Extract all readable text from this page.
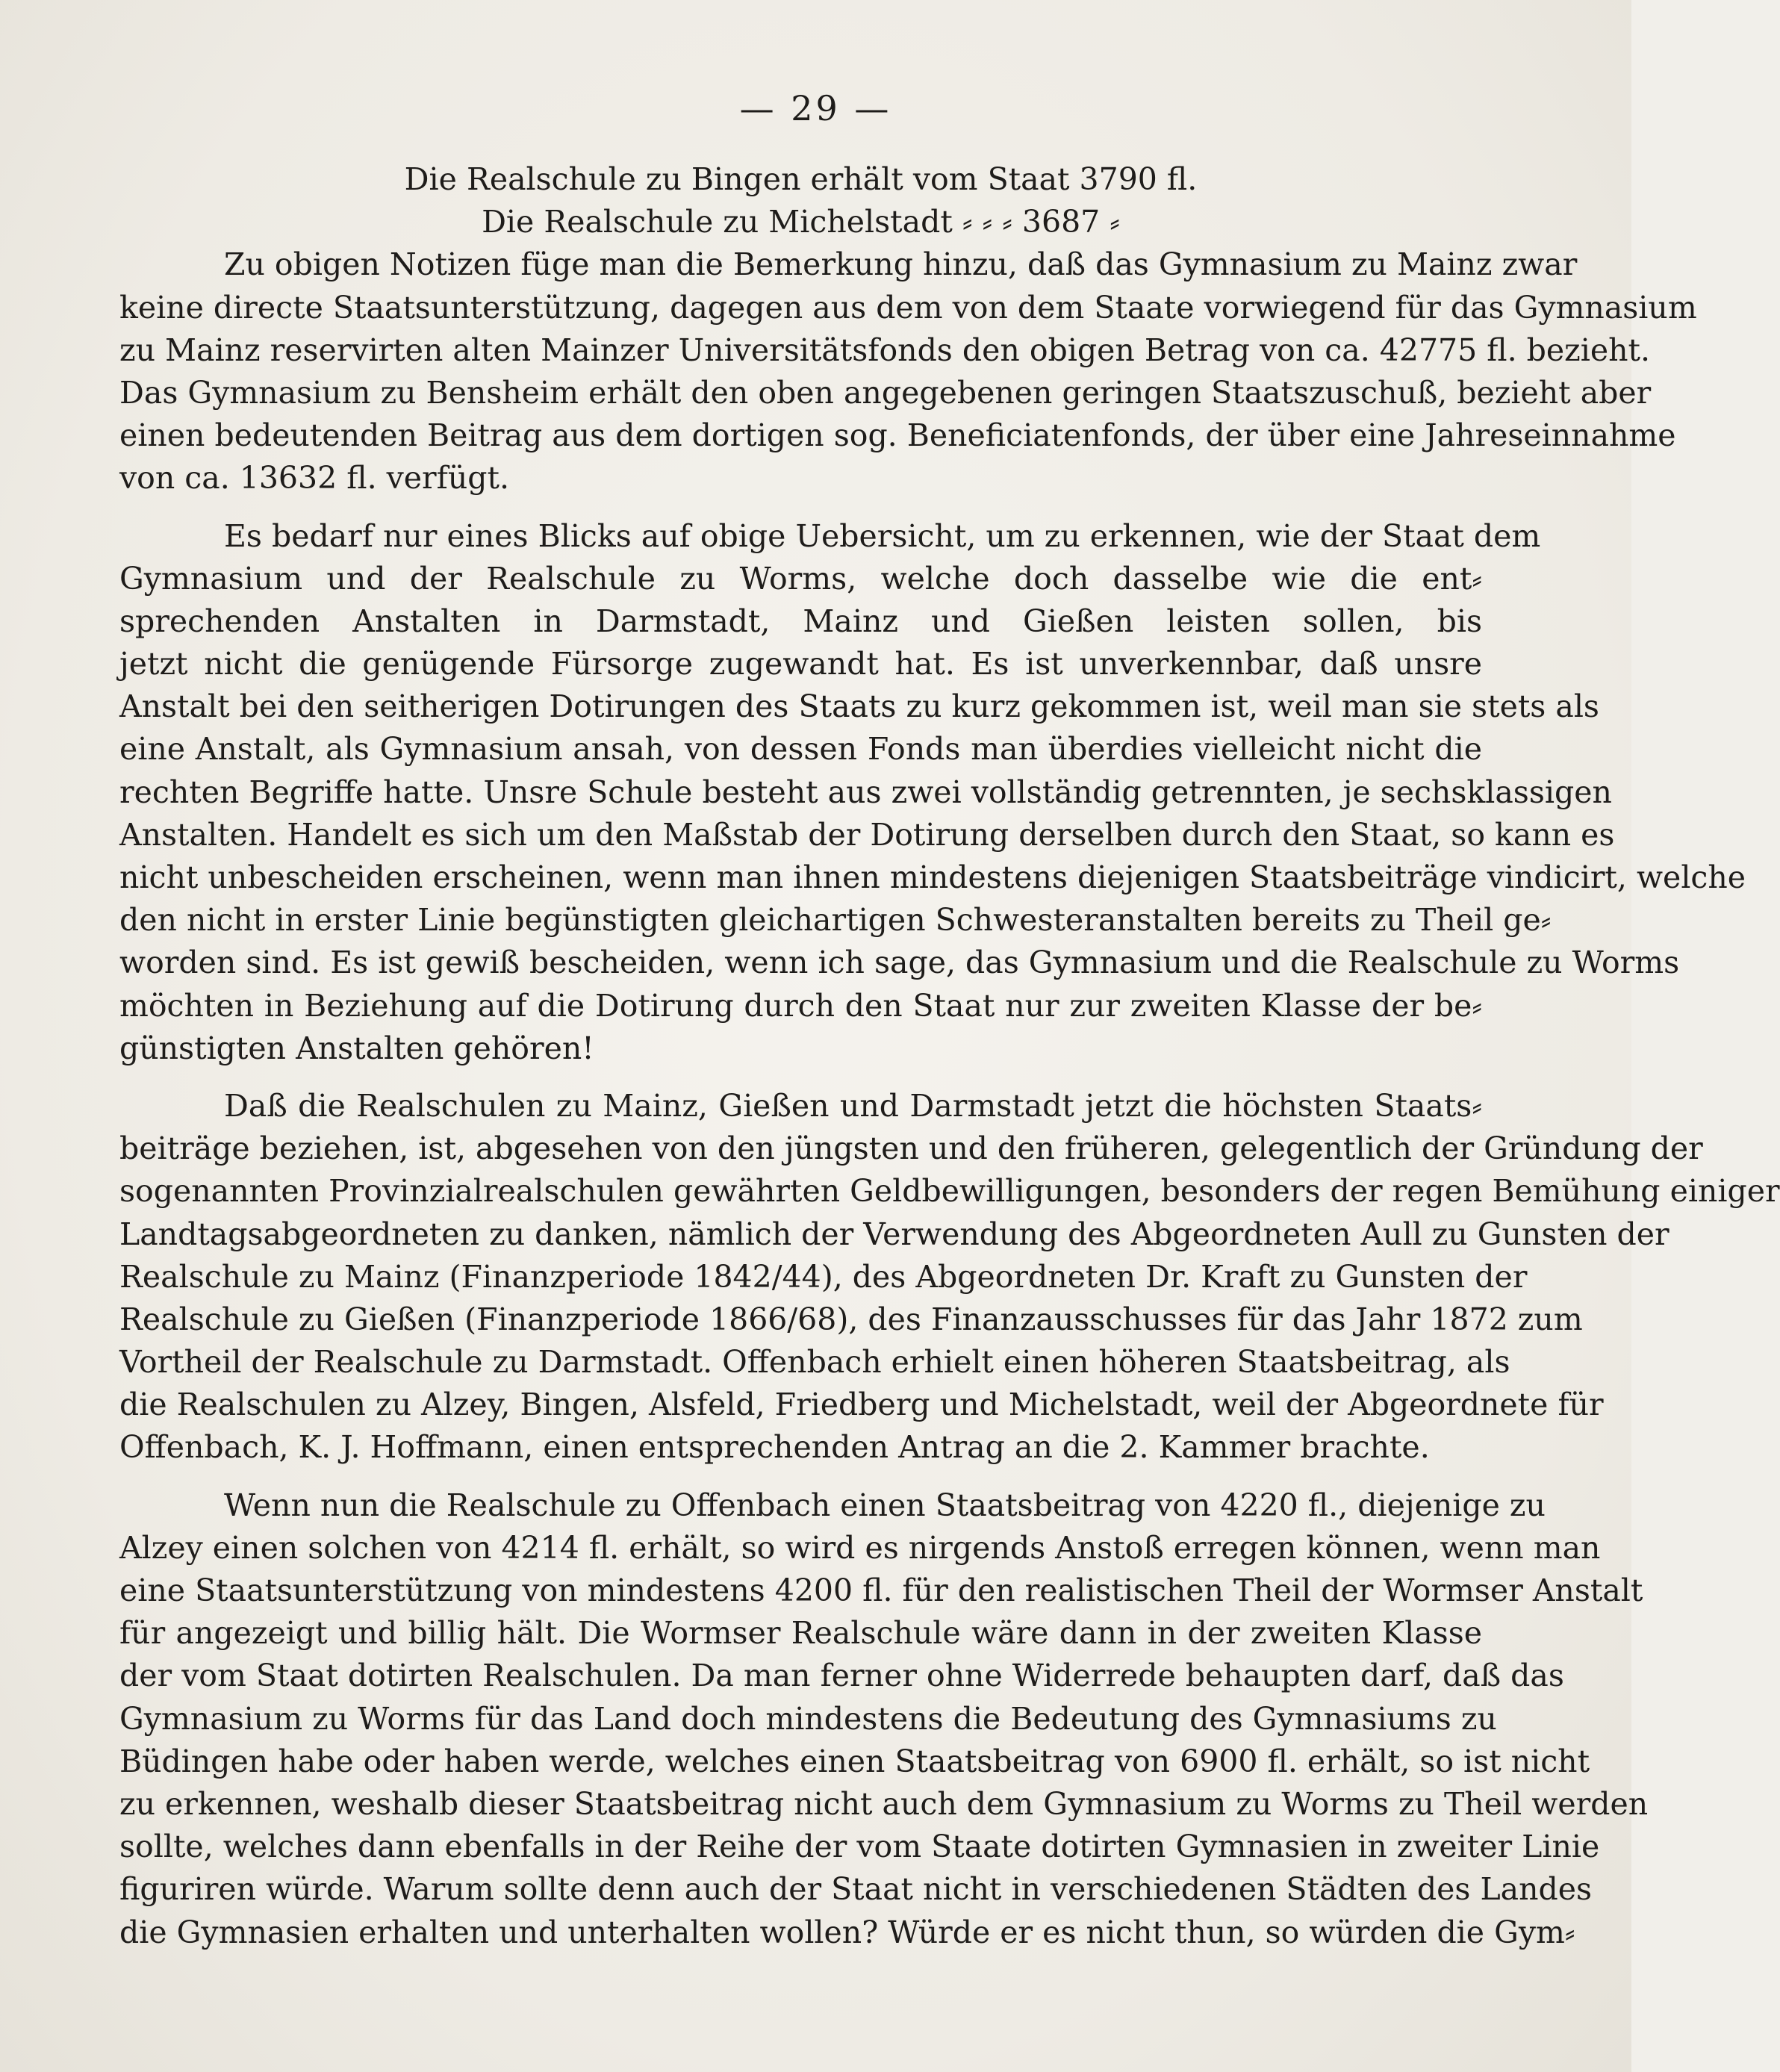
— 29 —
Die Realschule zu Bingen erhält vom Staat 3790 fl.
Die Realschule zu Michelstadt ⸗ ⸗ ⸗ 3687 ⸗
Zu obigen Notizen füge man die Bemerkung hinzu, daß das Gymnasium zu Mainz zwar
keine directe Staatsunterstützung, dagegen aus dem von dem Staate vorwiegend für das Gymnasium
zu Mainz reservirten alten Mainzer Universitätsfonds den obigen Betrag von ca. 42775 fl. bezieht.
Das Gymnasium zu Bensheim erhält den oben angegebenen geringen Staatszuschuß, bezieht aber
einen bedeutenden Beitrag aus dem dortigen sog. Beneficiatenfonds, der über eine Jahreseinnahme
von ca. 13632 fl. verfügt.
Es bedarf nur eines Blicks auf obige Uebersicht, um zu erkennen, wie der Staat dem
Gymnasium und der Realschule zu Worms, welche doch dasselbe wie die ent⸗
sprechenden Anstalten in Darmstadt, Mainz und Gießen leisten sollen, bis
jetzt nicht die genügende Fürsorge zugewandt hat. Es ist unverkennbar, daß unsre
Anstalt bei den seitherigen Dotirungen des Staats zu kurz gekommen ist, weil man sie stets als
eine Anstalt, als Gymnasium ansah, von dessen Fonds man überdies vielleicht nicht die
rechten Begriffe hatte. Unsre Schule besteht aus zwei vollständig getrennten, je sechsklassigen
Anstalten. Handelt es sich um den Maßstab der Dotirung derselben durch den Staat, so kann es
nicht unbescheiden erscheinen, wenn man ihnen mindestens diejenigen Staatsbeiträge vindicirt, welche
den nicht in erster Linie begünstigten gleichartigen Schwesteranstalten bereits zu Theil ge⸗
worden sind. Es ist gewiß bescheiden, wenn ich sage, das Gymnasium und die Realschule zu Worms
möchten in Beziehung auf die Dotirung durch den Staat nur zur zweiten Klasse der be⸗
günstigten Anstalten gehören!
Daß die Realschulen zu Mainz, Gießen und Darmstadt jetzt die höchsten Staats⸗
beiträge beziehen, ist, abgesehen von den jüngsten und den früheren, gelegentlich der Gründung der
sogenannten Provinzialrealschulen gewährten Geldbewilligungen, besonders der regen Bemühung einiger
Landtagsabgeordneten zu danken, nämlich der Verwendung des Abgeordneten Aull zu Gunsten der
Realschule zu Mainz (Finanzperiode 1842/44), des Abgeordneten Dr. Kraft zu Gunsten der
Realschule zu Gießen (Finanzperiode 1866/68), des Finanzausschusses für das Jahr 1872 zum
Vortheil der Realschule zu Darmstadt. Offenbach erhielt einen höheren Staatsbeitrag, als
die Realschulen zu Alzey, Bingen, Alsfeld, Friedberg und Michelstadt, weil der Abgeordnete für
Offenbach, K. J. Hoffmann, einen entsprechenden Antrag an die 2. Kammer brachte.
Wenn nun die Realschule zu Offenbach einen Staatsbeitrag von 4220 fl., diejenige zu
Alzey einen solchen von 4214 fl. erhält, so wird es nirgends Anstoß erregen können, wenn man
eine Staatsunterstützung von mindestens 4200 fl. für den realistischen Theil der Wormser Anstalt
für angezeigt und billig hält. Die Wormser Realschule wäre dann in der zweiten Klasse
der vom Staat dotirten Realschulen. Da man ferner ohne Widerrede behaupten darf, daß das
Gymnasium zu Worms für das Land doch mindestens die Bedeutung des Gymnasiums zu
Büdingen habe oder haben werde, welches einen Staatsbeitrag von 6900 fl. erhält, so ist nicht
zu erkennen, weshalb dieser Staatsbeitrag nicht auch dem Gymnasium zu Worms zu Theil werden
sollte, welches dann ebenfalls in der Reihe der vom Staate dotirten Gymnasien in zweiter Linie
figuriren würde. Warum sollte denn auch der Staat nicht in verschiedenen Städten des Landes
die Gymnasien erhalten und unterhalten wollen? Würde er es nicht thun, so würden die Gym⸗
